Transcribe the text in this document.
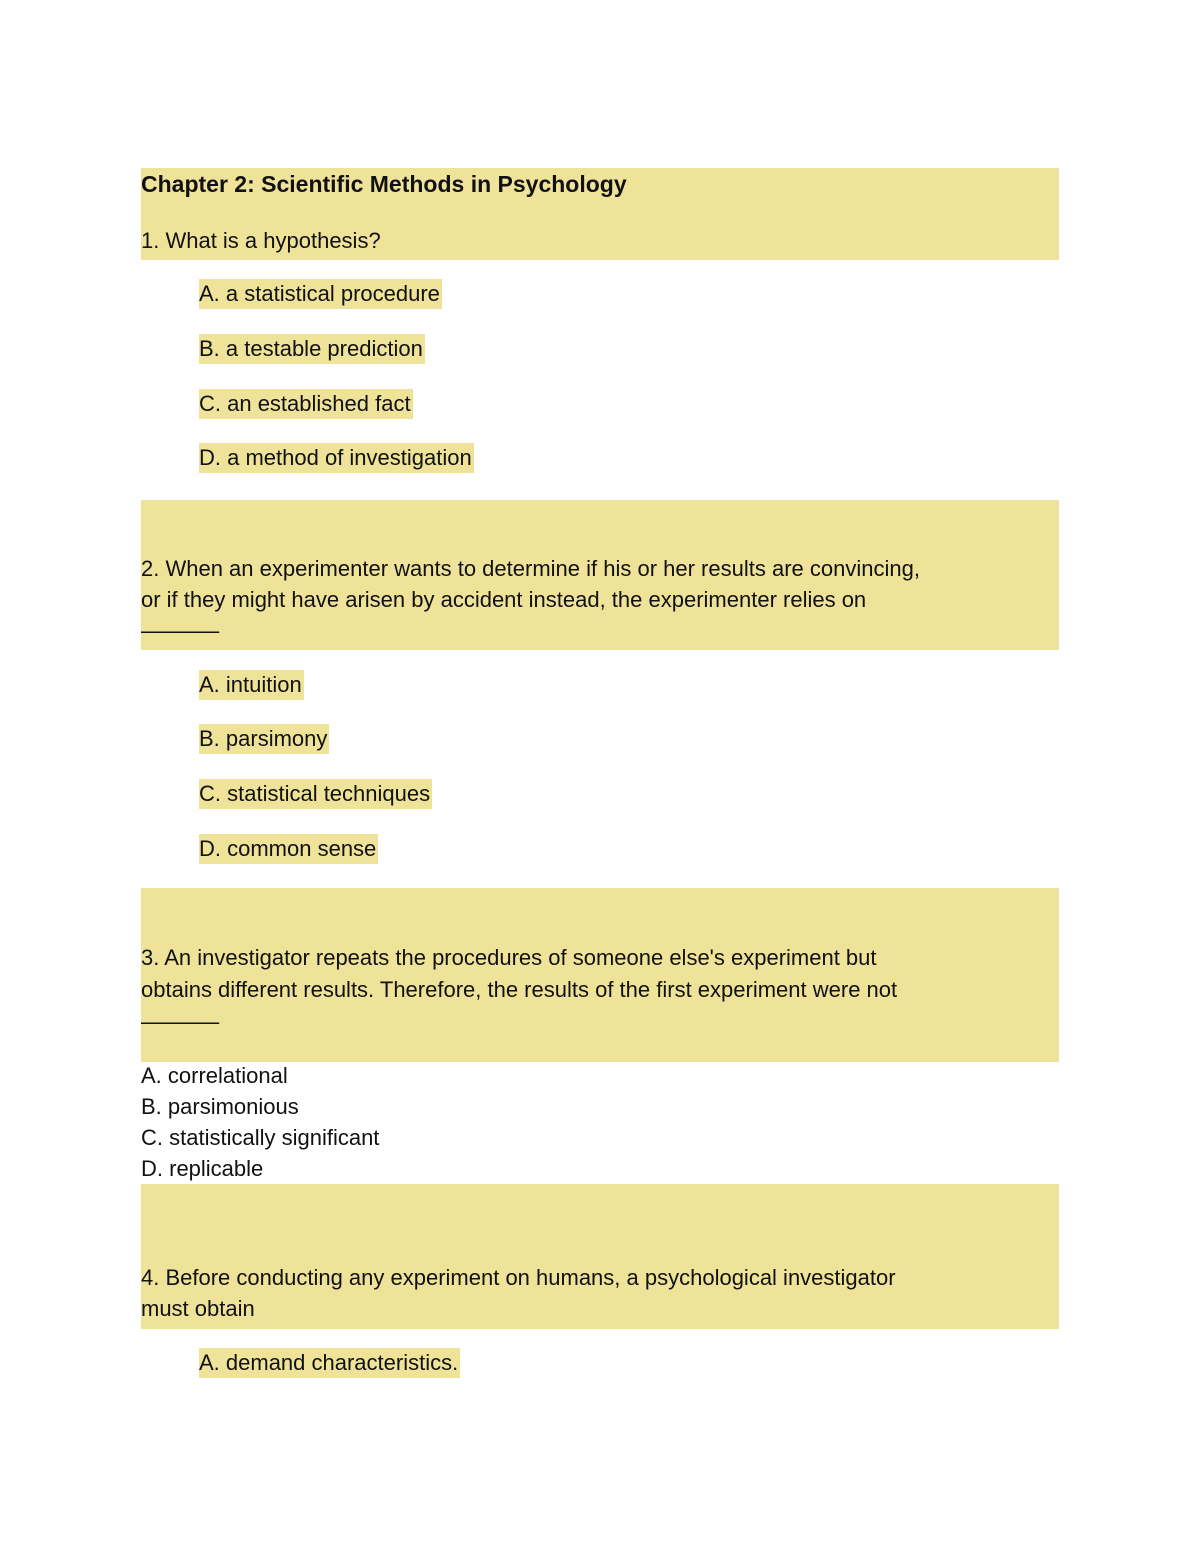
Chapter 2: Scientific Methods in Psychology
1. What is a hypothesis?
A. a statistical procedure
B. a testable prediction
C. an established fact
D. a method of investigation
2. When an experimenter wants to determine if his or her results are convincing,
or if they might have arisen by accident instead, the experimenter relies on
———–
A. intuition
B. parsimony
C. statistical techniques
D. common sense
3. An investigator repeats the procedures of someone else's experiment but
obtains different results. Therefore, the results of the first experiment were not
———–
A. correlational
B. parsimonious
C. statistically significant
D. replicable
4. Before conducting any experiment on humans, a psychological investigator
must obtain
A. demand characteristics.
